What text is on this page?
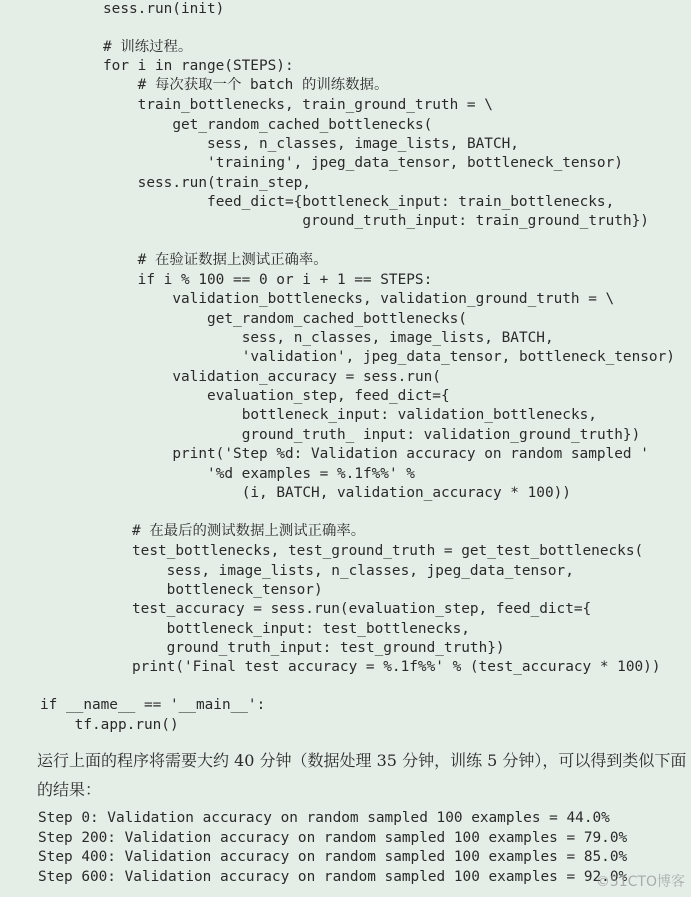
sess.run(init)
# 训练过程。
for i in range(STEPS):
# 每次获取一个 batch 的训练数据。
train_bottlenecks, train_ground_truth = \
get_random_cached_bottlenecks(
sess, n_classes, image_lists, BATCH,
'training', jpeg_data_tensor, bottleneck_tensor)
sess.run(train_step,
feed_dict={bottleneck_input: train_bottlenecks,
ground_truth_input: train_ground_truth})
# 在验证数据上测试正确率。
if i % 100 == 0 or i + 1 == STEPS:
validation_bottlenecks, validation_ground_truth = \
get_random_cached_bottlenecks(
sess, n_classes, image_lists, BATCH,
'validation', jpeg_data_tensor, bottleneck_tensor)
validation_accuracy = sess.run(
evaluation_step, feed_dict={
bottleneck_input: validation_bottlenecks,
ground_truth_ input: validation_ground_truth})
print('Step %d: Validation accuracy on random sampled '
'%d examples = %.1f%%' %
(i, BATCH, validation_accuracy * 100))
# 在最后的测试数据上测试正确率。
test_bottlenecks, test_ground_truth = get_test_bottlenecks(
sess, image_lists, n_classes, jpeg_data_tensor,
bottleneck_tensor)
test_accuracy = sess.run(evaluation_step, feed_dict={
bottleneck_input: test_bottlenecks,
ground_truth_input: test_ground_truth})
print('Final test accuracy = %.1f%%' % (test_accuracy * 100))
if __name__ == '__main__':
tf.app.run()
运行上面的程序将需要大约 40 分钟（数据处理 35 分钟，训练 5 分钟），可以得到类似下面的结果：
Step 0: Validation accuracy on random sampled 100 examples = 44.0%
Step 200: Validation accuracy on random sampled 100 examples = 79.0%
Step 400: Validation accuracy on random sampled 100 examples = 85.0%
Step 600: Validation accuracy on random sampled 100 examples = 92.0%
©51CTO博客
